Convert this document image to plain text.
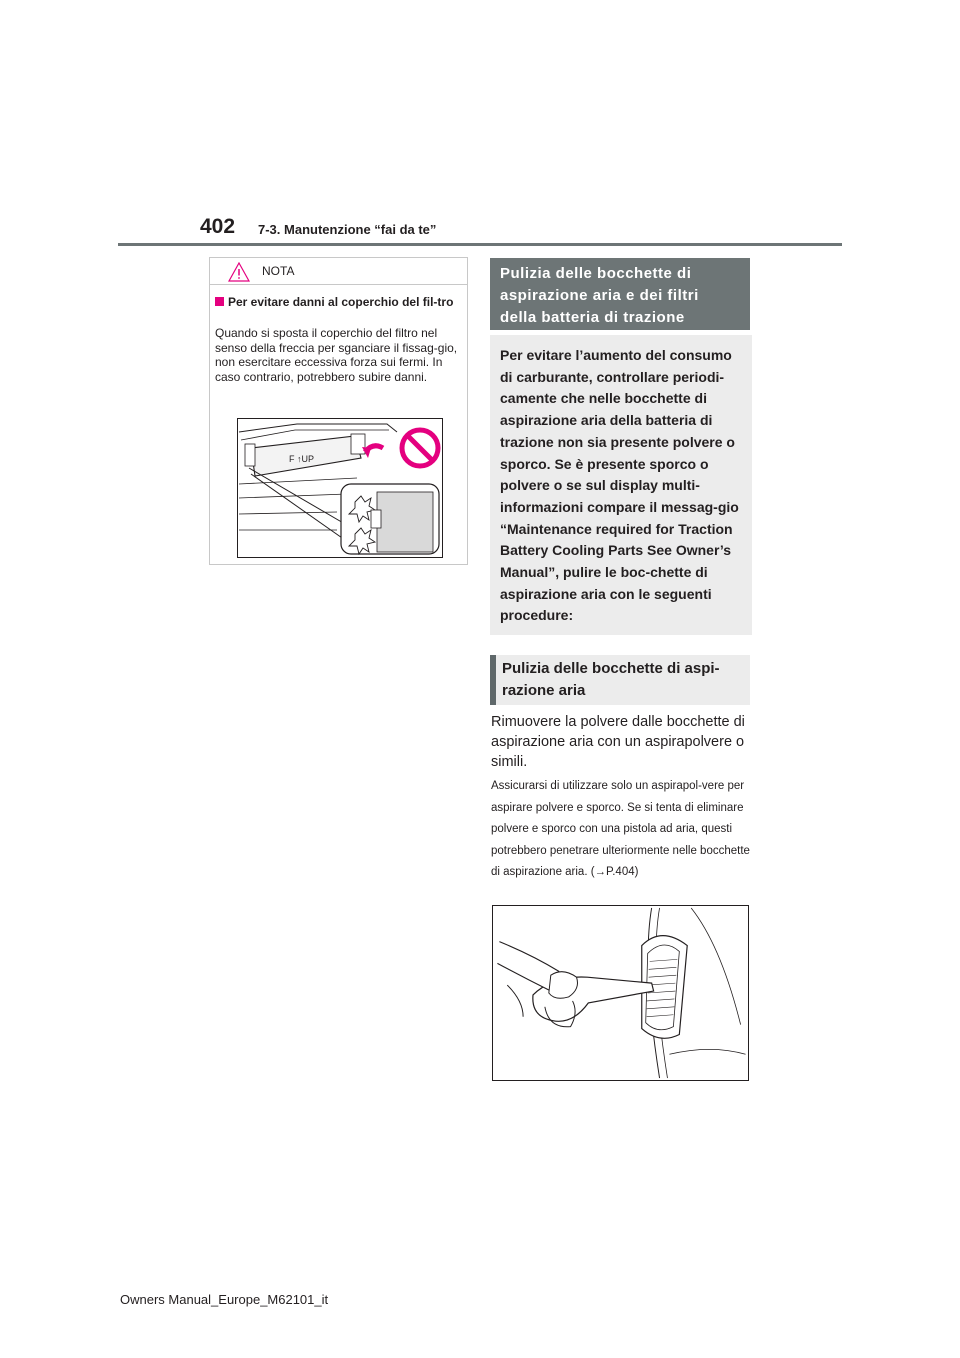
402 7-3. Manutenzione “fai da te”
NOTA
Per evitare danni al coperchio del fil-tro
Quando si sposta il coperchio del filtro nel senso della freccia per sganciare il fissag-gio, non esercitare eccessiva forza sui fermi. In caso contrario, potrebbero subire danni.
F ↑UP
Pulizia delle bocchette di aspirazione aria e dei filtri della batteria di trazione
Per evitare l’aumento del consumo di carburante, controllare periodi-camente che nelle bocchette di aspirazione aria della batteria di trazione non sia presente polvere o sporco. Se è presente sporco o polvere o se sul display multi-informazioni compare il messag-gio “Maintenance required for Traction Battery Cooling Parts See Owner’s Manual”, pulire le boc-chette di aspirazione aria con le seguenti procedure:
Pulizia delle bocchette di aspi-razione aria
Rimuovere la polvere dalle bocchette di aspirazione aria con un aspirapolvere o simili.
Assicurarsi di utilizzare solo un aspirapol-vere per aspirare polvere e sporco. Se si tenta di eliminare polvere e sporco con una pistola ad aria, questi potrebbero penetrare ulteriormente nelle bocchette di aspirazione aria. (→P.404)
Owners Manual_Europe_M62101_it
